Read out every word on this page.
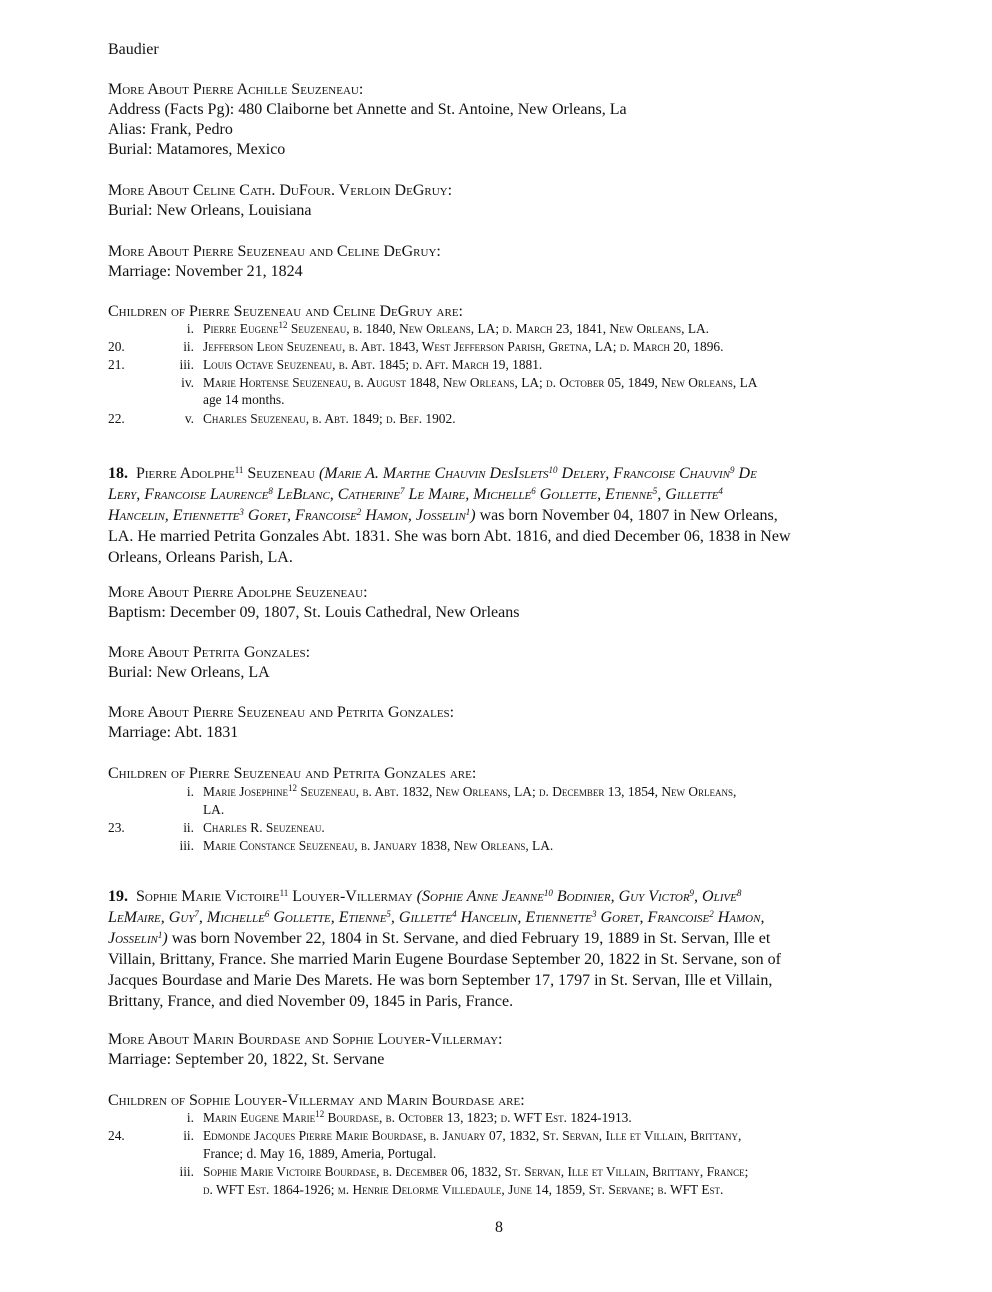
Baudier
More About Pierre Achille Seuzeneau:
Address (Facts Pg): 480 Claiborne bet Annette and St. Antoine, New Orleans, La
Alias: Frank, Pedro
Burial: Matamores, Mexico
More About Celine Cath. DuFour. Verloin DeGruy:
Burial: New Orleans, Louisiana
More About Pierre Seuzeneau and Celine DeGruy:
Marriage: November 21, 1824
Children of Pierre Seuzeneau and Celine DeGruy are:
i. Pierre Eugene$^{12}$ Seuzeneau, b. 1840, New Orleans, LA; d. March 23, 1841, New Orleans, LA.
20.	ii. Jefferson Leon Seuzeneau, b. Abt. 1843, West Jefferson Parish, Gretna, LA; d. March 20, 1896.
21.	iii. Louis Octave Seuzeneau, b. Abt. 1845; d. Aft. March 19, 1881.
iv. Marie Hortense Seuzeneau, b. August 1848, New Orleans, LA; d. October 05, 1849, New Orleans, LA
age 14 months.
22.	v. Charles Seuzeneau, b. Abt. 1849; d. Bef. 1902.
18. Pierre Adolphe$^{11}$ Seuzeneau (Marie A. Marthe Chauvin DesIslets$^{10}$ Delery, Francoise Chauvin$^9$ De
Lery, Francoise Laurence$^8$ LeBlanc, Catherine$^7$ Le Maire, Michelle$^6$ Gollette, Etienne$^5$, Gillette$^4$
Hancelin, Etiennette$^3$ Goret, Francoise$^2$ Hamon, Josselin$^1$) was born November 04, 1807 in New Orleans,
LA. He married Petrita Gonzales Abt. 1831. She was born Abt. 1816, and died December 06, 1838 in New
Orleans, Orleans Parish, LA.
More About Pierre Adolphe Seuzeneau:
Baptism: December 09, 1807, St. Louis Cathedral, New Orleans
More About Petrita Gonzales:
Burial: New Orleans, LA
More About Pierre Seuzeneau and Petrita Gonzales:
Marriage: Abt. 1831
Children of Pierre Seuzeneau and Petrita Gonzales are:
i. Marie Josephine$^{12}$ Seuzeneau, b. Abt. 1832, New Orleans, LA; d. December 13, 1854, New Orleans,
LA.
23.	ii. Charles R. Seuzeneau.
iii. Marie Constance Seuzeneau, b. January 1838, New Orleans, LA.
19. Sophie Marie Victoire$^{11}$ Louyer-Villermay (Sophie Anne Jeanne$^{10}$ Bodinier, Guy Victor$^9$, Olive$^8$
LeMaire, Guy$^7$, Michelle$^6$ Gollette, Etienne$^5$, Gillette$^4$ Hancelin, Etiennette$^3$ Goret, Francoise$^2$ Hamon,
Josselin$^1$) was born November 22, 1804 in St. Servane, and died February 19, 1889 in St. Servan, Ille et
Villain, Brittany, France. She married Marin Eugene Bourdase September 20, 1822 in St. Servane, son of
Jacques Bourdase and Marie Des Marets. He was born September 17, 1797 in St. Servan, Ille et Villain,
Brittany, France, and died November 09, 1845 in Paris, France.
More About Marin Bourdase and Sophie Louyer-Villermay:
Marriage: September 20, 1822, St. Servane
Children of Sophie Louyer-Villermay and Marin Bourdase are:
i. Marin Eugene Marie$^{12}$ Bourdase, b. October 13, 1823; d. WFT Est. 1824-1913.
24.	ii. Edmonde Jacques Pierre Marie Bourdase, b. January 07, 1832, St. Servan, Ille et Villain, Brittany,
France; d. May 16, 1889, Ameria, Portugal.
iii. Sophie Marie Victoire Bourdase, b. December 06, 1832, St. Servan, Ille et Villain, Brittany, France;
d. WFT Est. 1864-1926; m. Henrie Delorme Villedaule, June 14, 1859, St. Servane; b. WFT Est.
8
